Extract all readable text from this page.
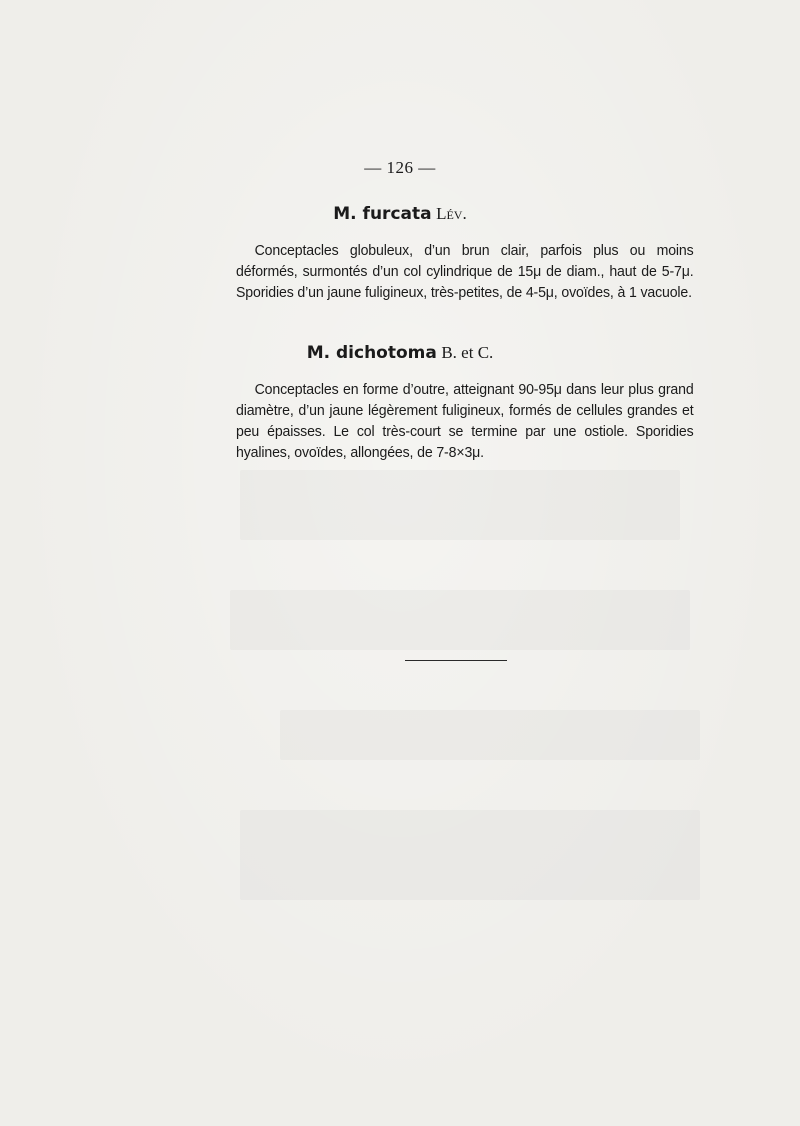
— 126 —
M. furcata Lév.
Conceptacles globuleux, d’un brun clair, parfois plus ou moins déformés, surmontés d’un col cylindrique de 15μ de diam., haut de 5-7μ. Sporidies d’un jaune fuligineux, très-petites, de 4-5μ, ovoïdes, à 1 vacuole.
M. dichotoma B. et C.
Conceptacles en forme d’outre, atteignant 90-95μ dans leur plus grand diamètre, d’un jaune légèrement fuligineux, formés de cellules grandes et peu épaisses. Le col très-court se termine par une ostiole. Sporidies hyalines, ovoïdes, allongées, de 7-8×3μ.
